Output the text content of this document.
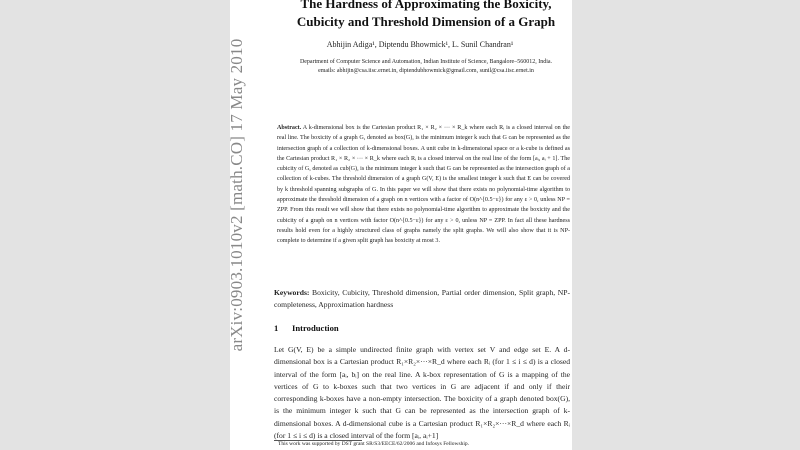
arXiv:0903.1010v2 [math.CO] 17 May 2010
The Hardness of Approximating the Boxicity, Cubicity and Threshold Dimension of a Graph
Abhijin Adiga¹, Diptendu Bhowmick¹, L. Sunil Chandran¹
Department of Computer Science and Automation, Indian Institute of Science, Bangalore–560012, India.
emails: abhijin@csa.iisc.ernet.in, diptendubhowmick@gmail.com, sunil@csa.iisc.ernet.in
Abstract. A k-dimensional box is the Cartesian product R₁ × R₂ × ··· × R_k where each Rᵢ is a closed interval on the real line. The boxicity of a graph G, denoted as box(G), is the minimum integer k such that G can be represented as the intersection graph of a collection of k-dimensional boxes. A unit cube in k-dimensional space or a k-cube is defined as the Cartesian product R₁ × R₂ × ··· × R_k where each Rᵢ is a closed interval on the real line of the form [aᵢ, aᵢ + 1]. The cubicity of G, denoted as cub(G), is the minimum integer k such that G can be represented as the intersection graph of a collection of k-cubes. The threshold dimension of a graph G(V, E) is the smallest integer k such that E can be covered by k threshold spanning subgraphs of G. In this paper we will show that there exists no polynomial-time algorithm to approximate the threshold dimension of a graph on n vertices with a factor of O(n^{0.5−ε}) for any ε > 0, unless NP = ZPP. From this result we will show that there exists no polynomial-time algorithm to approximate the boxicity and the cubicity of a graph on n vertices with factor O(n^{0.5−ε}) for any ε > 0, unless NP = ZPP. In fact all these hardness results hold even for a highly structured class of graphs namely the split graphs. We will also show that it is NP-complete to determine if a given split graph has boxicity at most 3.
Keywords: Boxicity, Cubicity, Threshold dimension, Partial order dimension, Split graph, NP-completeness, Approximation hardness
1 Introduction
Let G(V, E) be a simple undirected finite graph with vertex set V and edge set E. A d-dimensional box is a Cartesian product R₁×R₂×···×R_d where each Rᵢ (for 1 ≤ i ≤ d) is a closed interval of the form [aᵢ, bᵢ] on the real line. A k-box representation of G is a mapping of the vertices of G to k-boxes such that two vertices in G are adjacent if and only if their corresponding k-boxes have a non-empty intersection. The boxicity of a graph denoted box(G), is the minimum integer k such that G can be represented as the intersection graph of k-dimensional boxes. A d-dimensional cube is a Cartesian product R₁×R₂×···×R_d where each Rᵢ (for 1 ≤ i ≤ d) is a closed interval of the form [aᵢ, aᵢ+1]
This work was supported by DST grant SR/S3/EECE/62/2006 and Infosys Fellowship.
